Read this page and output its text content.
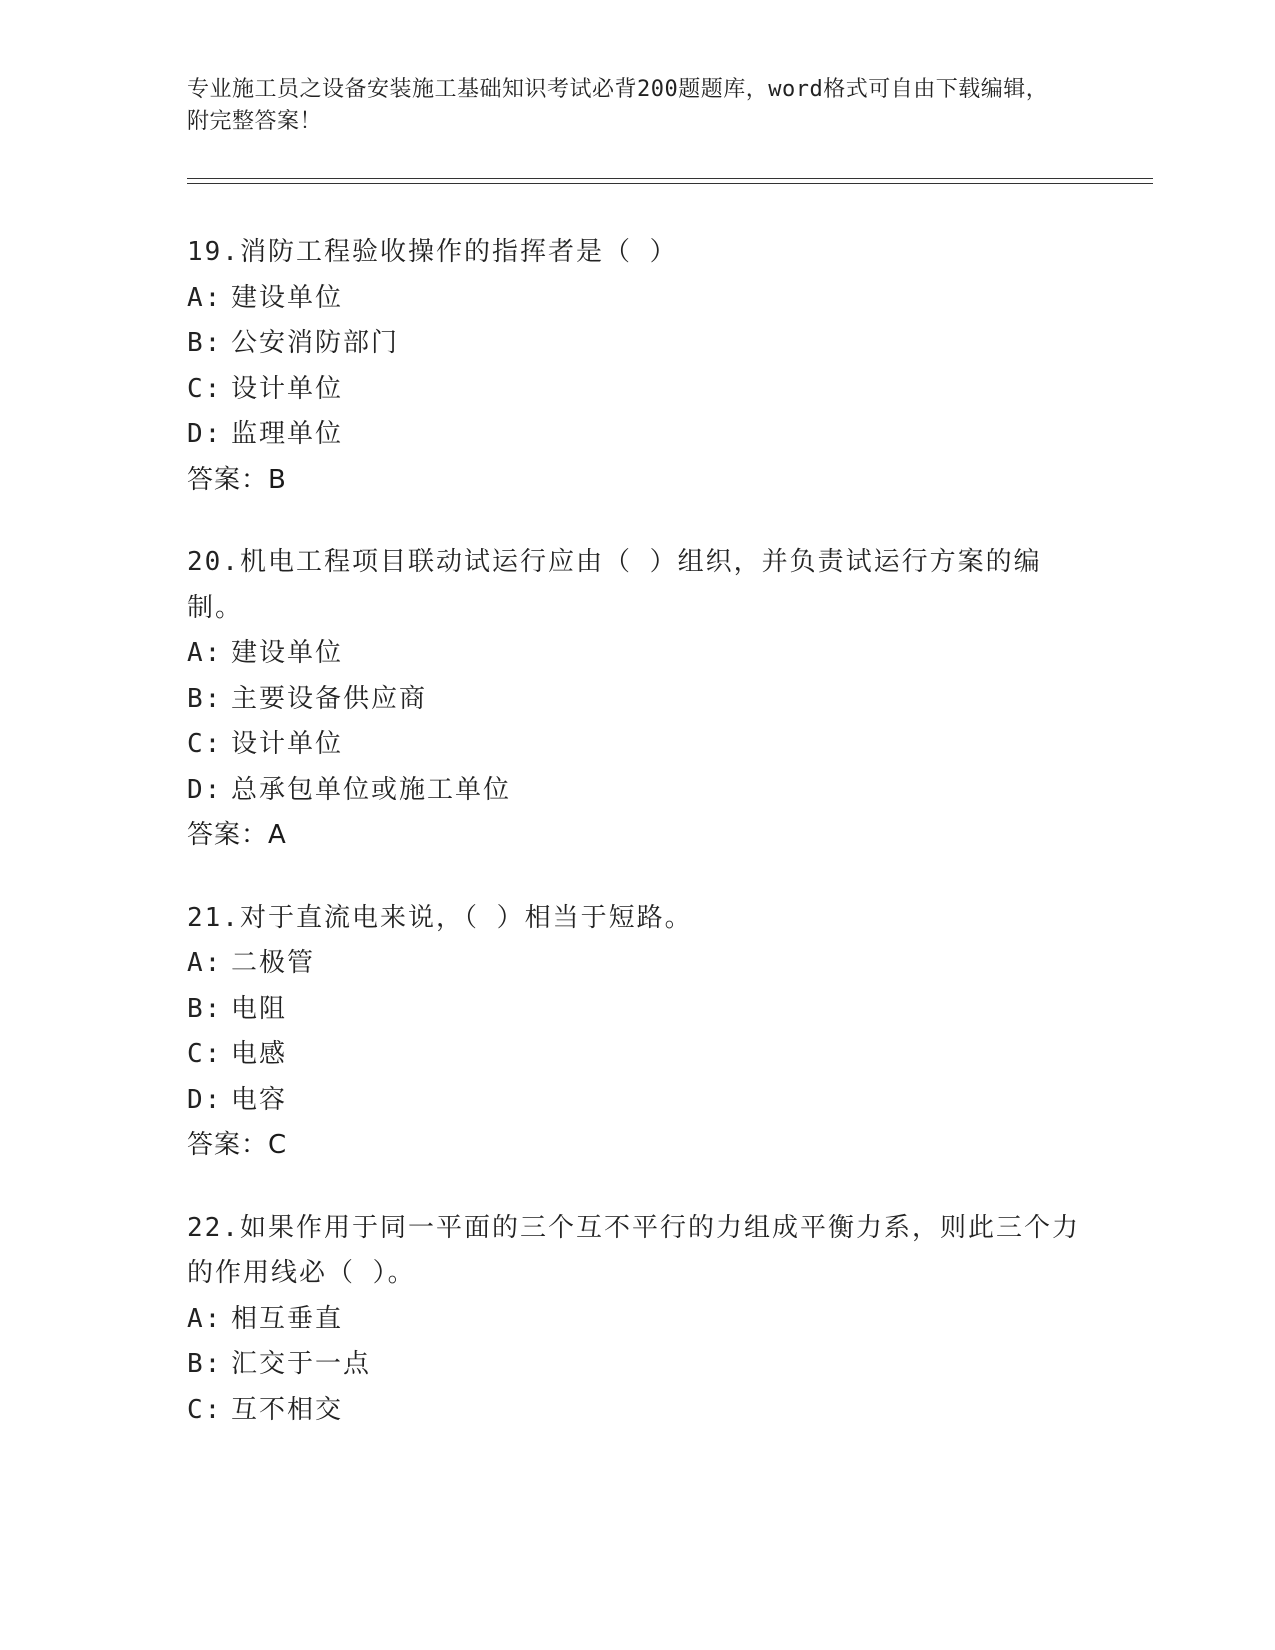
专业施工员之设备安装施工基础知识考试必背200题题库，word格式可自由下载编辑，附完整答案！
19.消防工程验收操作的指挥者是（ ）
A: 建设单位
B: 公安消防部门
C: 设计单位
D: 监理单位
答案：B
20.机电工程项目联动试运行应由（ ）组织，并负责试运行方案的编制。
A: 建设单位
B: 主要设备供应商
C: 设计单位
D: 总承包单位或施工单位
答案：A
21.对于直流电来说，（ ）相当于短路。
A: 二极管
B: 电阻
C: 电感
D: 电容
答案：C
22.如果作用于同一平面的三个互不平行的力组成平衡力系，则此三个力的作用线必（ ）。
A: 相互垂直
B: 汇交于一点
C: 互不相交
